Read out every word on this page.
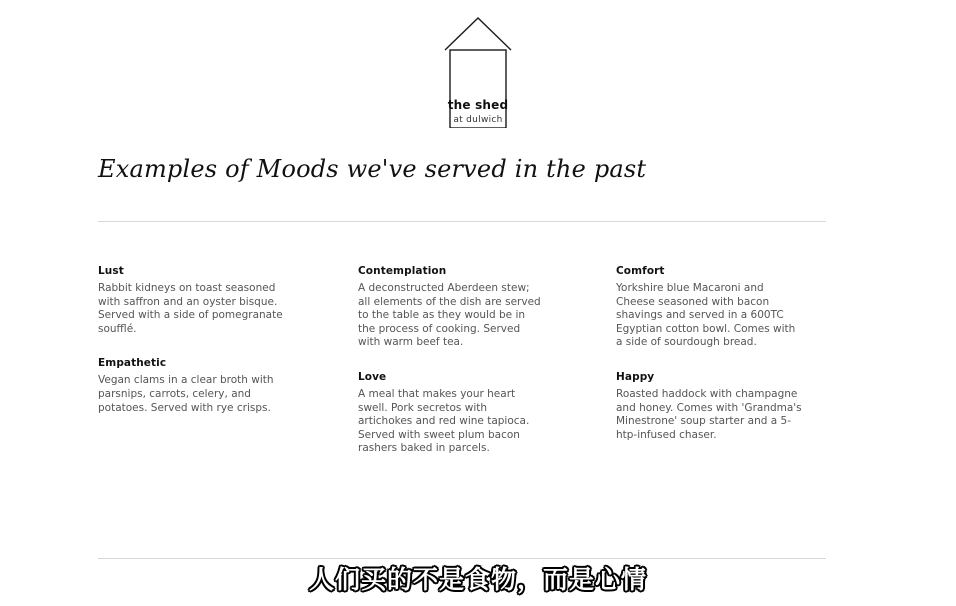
the shed
at dulwich
Examples of Moods we've served in the past
Lust
Rabbit kidneys on toast seasoned with saffron and an oyster bisque. Served with a side of pomegranate soufflé.
Empathetic
Vegan clams in a clear broth with parsnips, carrots, celery, and potatoes. Served with rye crisps.
Contemplation
A deconstructed Aberdeen stew; all elements of the dish are served to the table as they would be in the process of cooking. Served with warm beef tea.
Love
A meal that makes your heart swell. Pork secretos with artichokes and red wine tapioca. Served with sweet plum bacon rashers baked in parcels.
Comfort
Yorkshire blue Macaroni and Cheese seasoned with bacon shavings and served in a 600TC Egyptian cotton bowl. Comes with a side of sourdough bread.
Happy
Roasted haddock with champagne and honey. Comes with 'Grandma's Minestrone' soup starter and a 5-htp-infused chaser.
人们买的不是食物，而是心情
